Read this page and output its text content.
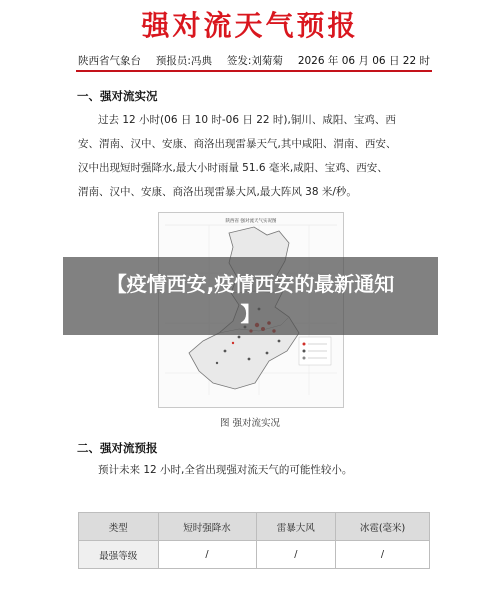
强对流天气预报
陕西省气象台 预报员:冯典 签发:刘菊菊 2026 年 06 月 06 日 22 时
一、强对流实况

过去 12 小时(06 日 10 时-06 日 22 时),铜川、咸阳、宝鸡、西

安、渭南、汉中、安康、商洛出现雷暴天气,其中咸阳、渭南、西安、

汉中出现短时强降水,最大小时雨量 51.6 毫米,咸阳、宝鸡、西安、

渭南、汉中、安康、商洛出现雷暴大风,最大阵风 38 米/秒。

陕西省 强对流天气实况图
图 强对流实况
【疫情西安,疫情西安的最新通知
】
二、强对流预报

预计未来 12 小时,全省出现强对流天气的可能性较小。

类型	短时强降水	雷暴大风	冰雹(毫米)
最强等级	/	/	/
